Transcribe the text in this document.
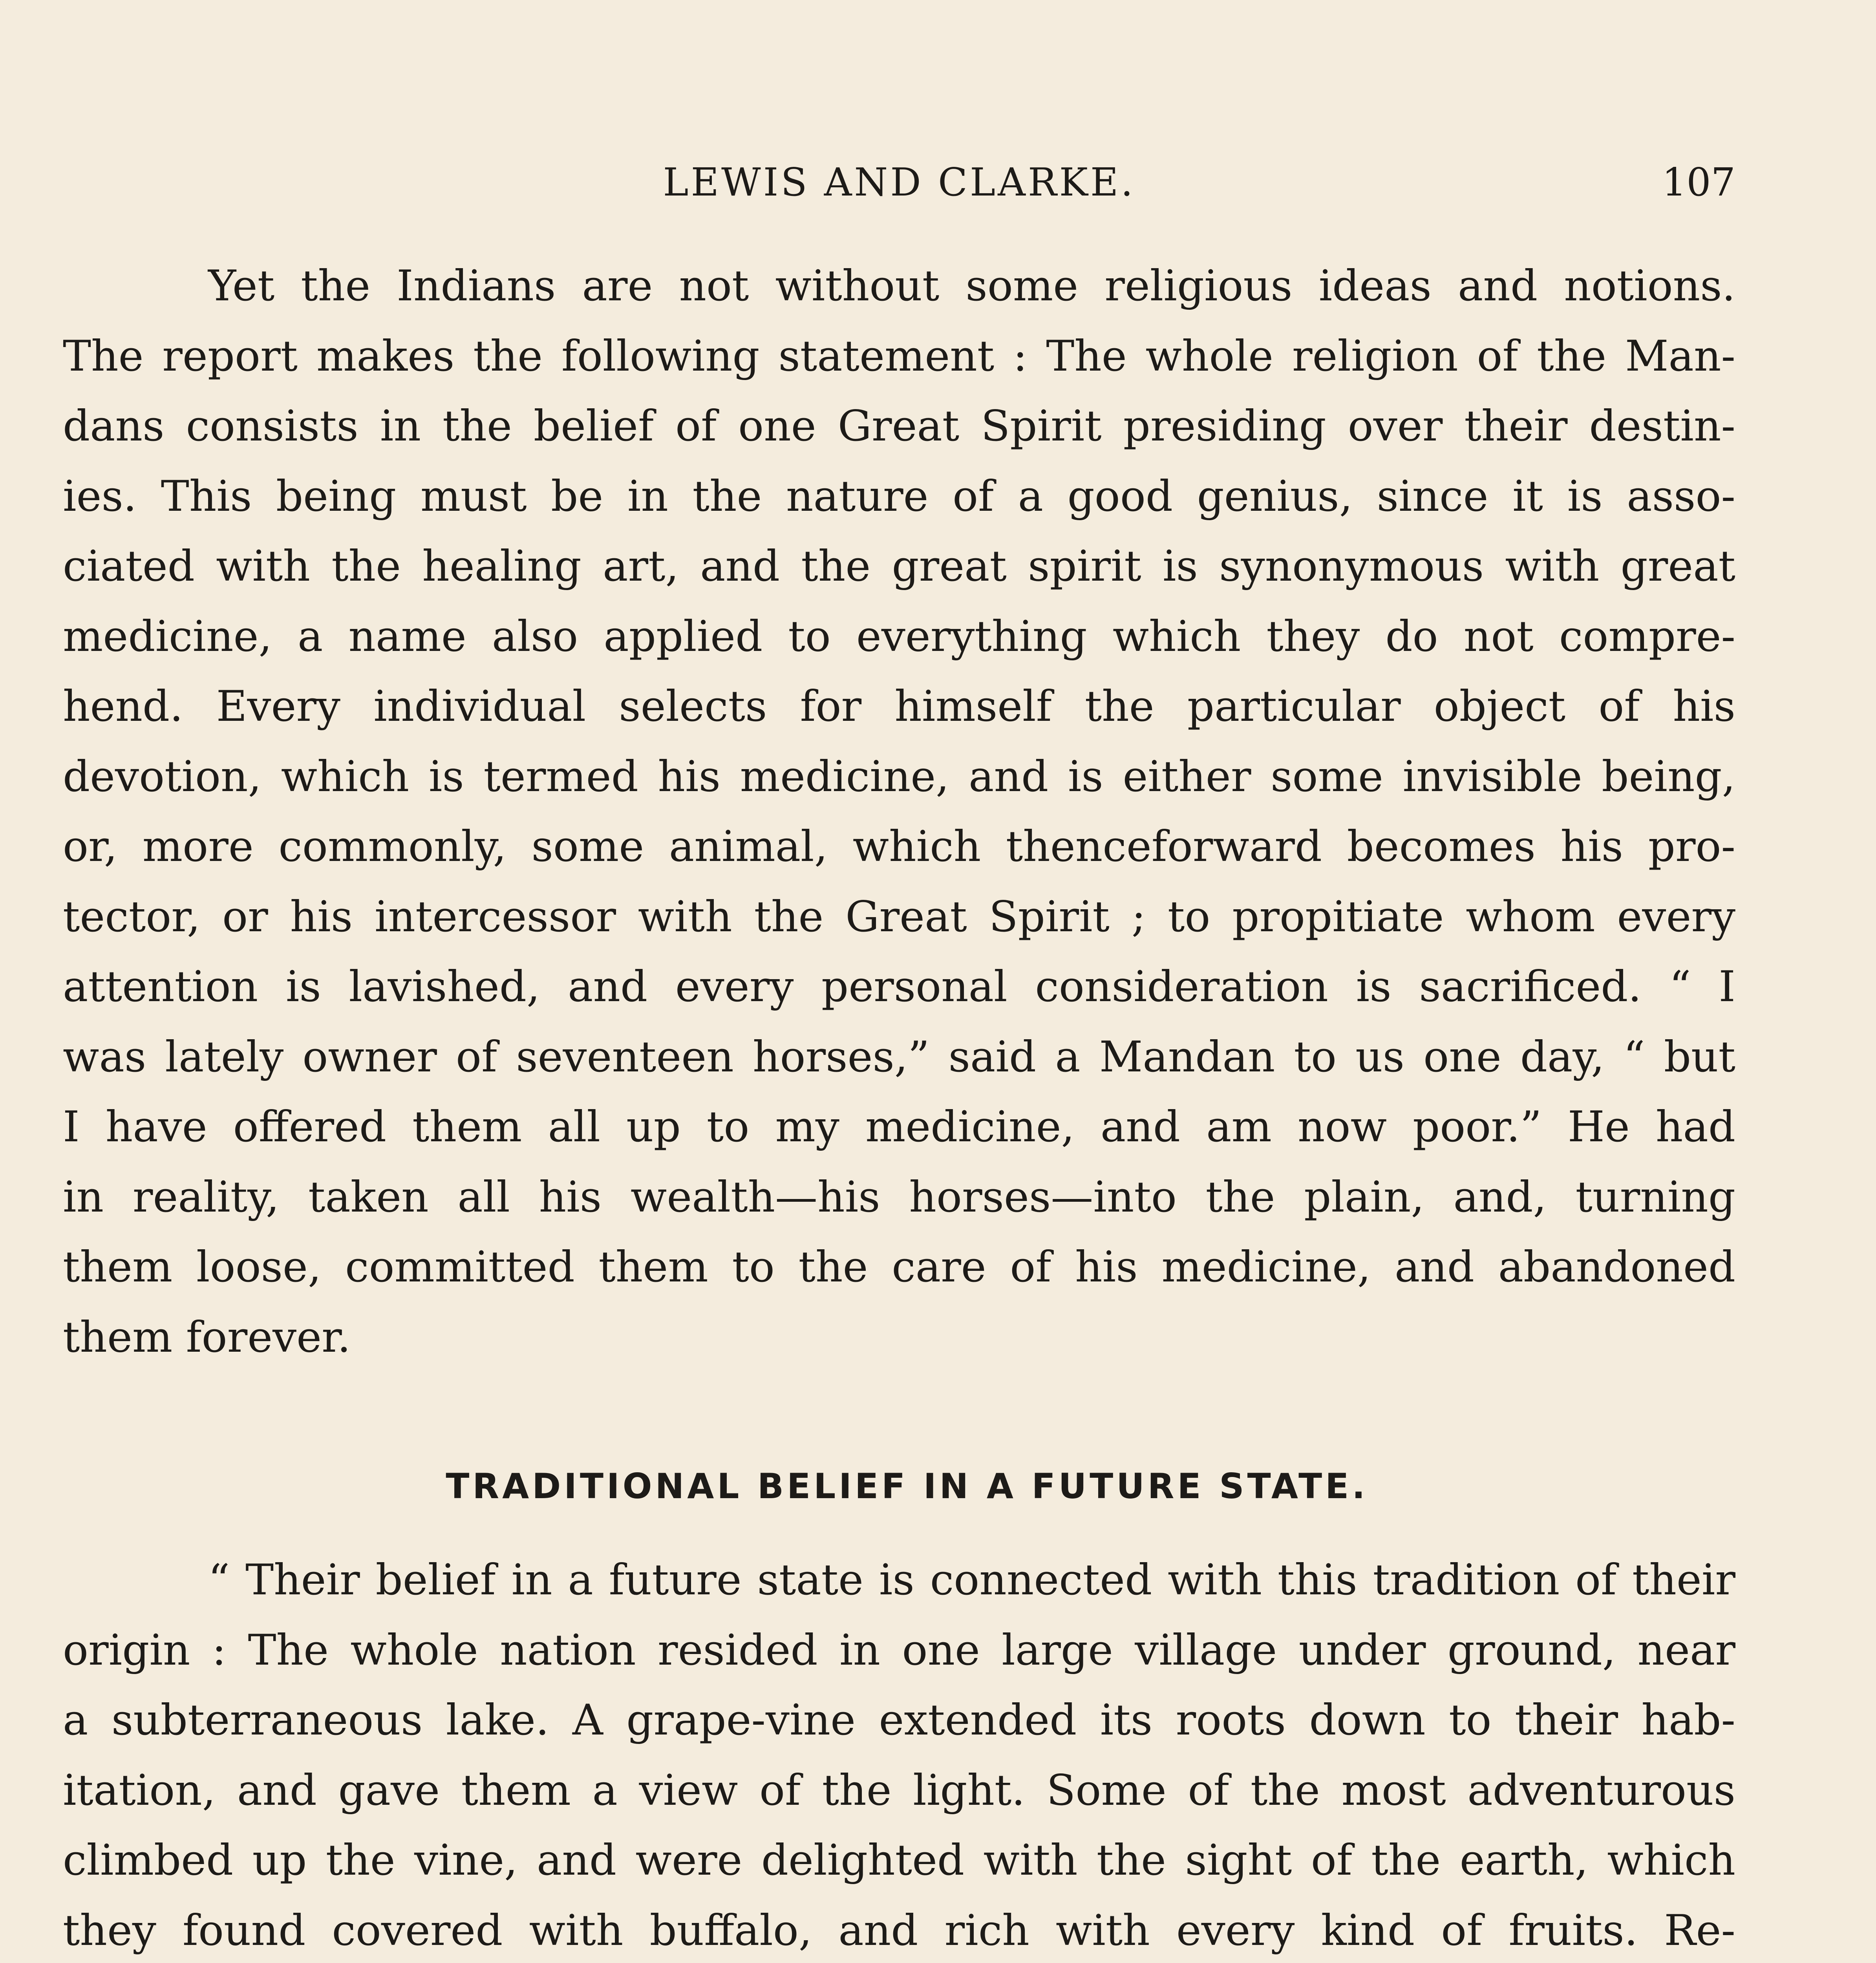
LEWIS AND CLARKE.	107
Yet the Indians are not without some religious ideas and notions.
The report makes the following statement : The whole religion of the Man-
dans consists in the belief of one Great Spirit presiding over their destin-
ies. This being must be in the nature of a good genius, since it is asso-
ciated with the healing art, and the great spirit is synonymous with great
medicine, a name also applied to everything which they do not compre-
hend. Every individual selects for himself the particular object of his
devotion, which is termed his medicine, and is either some invisible being,
or, more commonly, some animal, which thenceforward becomes his pro-
tector, or his intercessor with the Great Spirit ; to propitiate whom every
attention is lavished, and every personal consideration is sacrificed. “ I
was lately owner of seventeen horses,” said a Mandan to us one day, “ but
I have offered them all up to my medicine, and am now poor.” He had
in reality, taken all his wealth—his horses—into the plain, and, turning
them loose, committed them to the care of his medicine, and abandoned
them forever.
TRADITIONAL BELIEF IN A FUTURE STATE.
“ Their belief in a future state is connected with this tradition of their
origin : The whole nation resided in one large village under ground, near
a subterraneous lake. A grape-vine extended its roots down to their hab-
itation, and gave them a view of the light. Some of the most adventurous
climbed up the vine, and were delighted with the sight of the earth, which
they found covered with buffalo, and rich with every kind of fruits. Re-
